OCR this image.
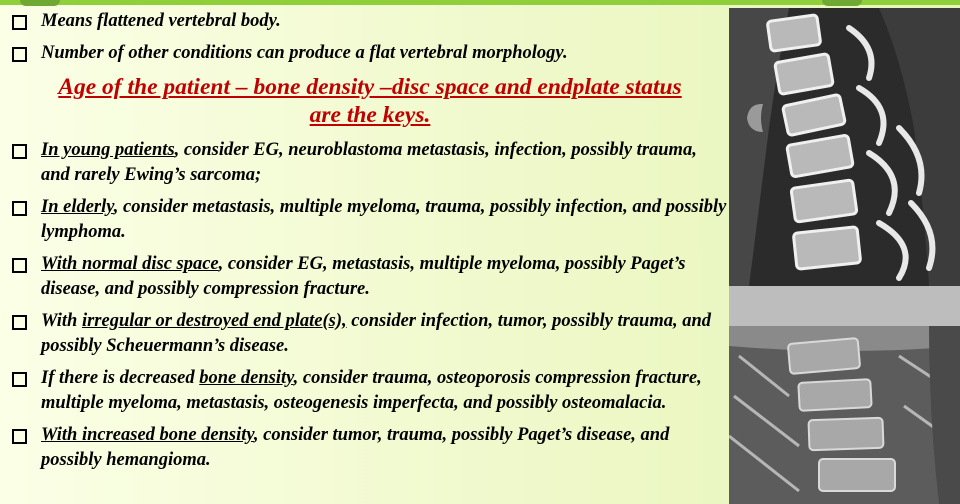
Means flattened vertebral body.
Number of other conditions can produce a flat vertebral morphology.
Age of the patient – bone density –disc space and endplate status
are the keys.
In young patients, consider EG, neuroblastoma metastasis, infection, possibly trauma, and rarely Ewing’s sarcoma;
In elderly, consider metastasis, multiple myeloma, trauma, possibly infection, and possibly lymphoma.
With normal disc space, consider EG, metastasis, multiple myeloma, possibly Paget’s disease, and possibly compression fracture.
With irregular or destroyed end plate(s), consider infection, tumor, possibly trauma, and possibly Scheuermann’s disease.
If there is decreased bone density, consider trauma, osteoporosis compression fracture, multiple myeloma, metastasis, osteogenesis imperfecta, and possibly osteomalacia.
With increased bone density, consider tumor, trauma, possibly Paget’s disease, and possibly hemangioma.
